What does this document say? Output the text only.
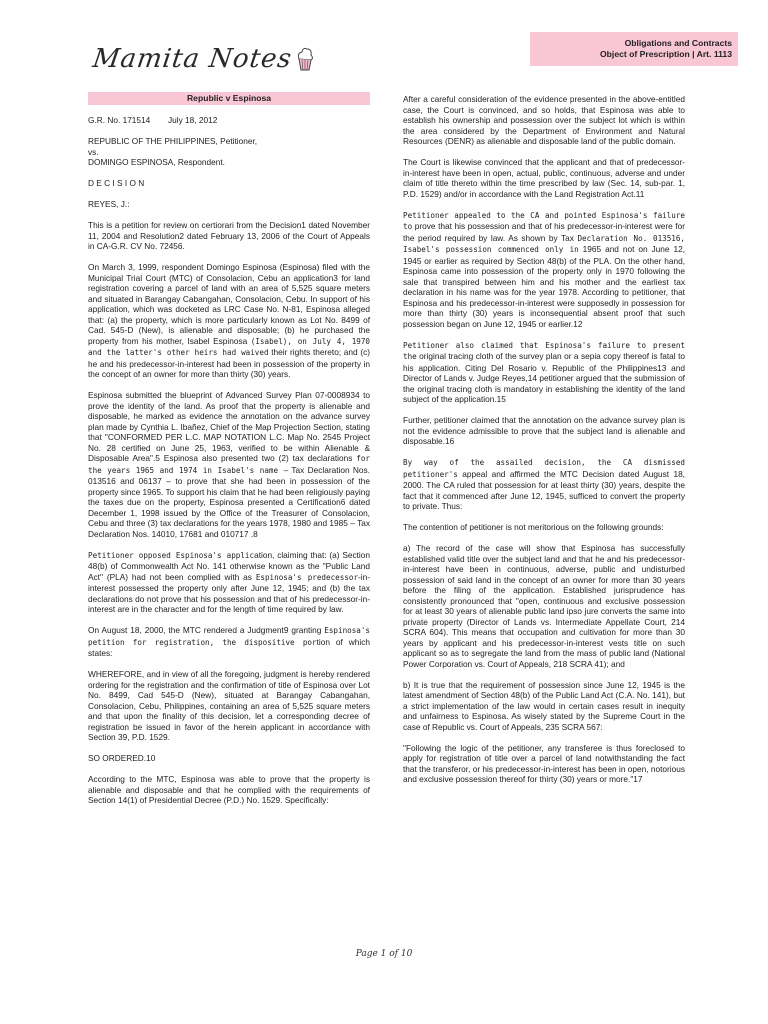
Mamita Notes
Obligations and Contracts
Object of Prescription | Art. 1113
Republic v Espinosa

G.R. No. 171514	July 18, 2012

REPUBLIC OF THE PHILIPPINES, Petitioner,
vs.
DOMINGO ESPINOSA, Respondent.

D E C I S I O N

REYES, J.:

This is a petition for review on certiorari from the Decision1 dated November 11, 2004 and Resolution2 dated February 13, 2006 of the Court of Appeals in CA-G.R. CV No. 72456.

On March 3, 1999, respondent Domingo Espinosa (Espinosa) filed with the Municipal Trial Court (MTC) of Consolacion, Cebu an application3 for land registration covering a parcel of land with an area of 5,525 square meters and situated in Barangay Cabangahan, Consolacion, Cebu. In support of his application, which was docketed as LRC Case No. N-81, Espinosa alleged that: (a) the property, which is more particularly known as Lot No. 8499 of Cad. 545-D (New), is alienable and disposable; (b) he purchased the property from his mother, Isabel Espinosa (Isabel), on July 4, 1970 and the latter's other heirs had waived their rights thereto; and (c) he and his predecessor-in-interest had been in possession of the property in the concept of an owner for more than thirty (30) years.

Espinosa submitted the blueprint of Advanced Survey Plan 07-0008934 to prove the identity of the land. As proof that the property is alienable and disposable, he marked as evidence the annotation on the advance survey plan made by Cynthia L. Ibañez, Chief of the Map Projection Section, stating that "CONFORMED PER L.C. MAP NOTATION L.C. Map No. 2545 Project No. 28 certified on June 25, 1963, verified to be within Alienable & Disposable Area".5 Espinosa also presented two (2) tax declarations for the years 1965 and 1974 in Isabel's name – Tax Declaration Nos. 013516 and 06137 – to prove that she had been in possession of the property since 1965. To support his claim that he had been religiously paying the taxes due on the property, Espinosa presented a Certification6 dated December 1, 1998 issued by the Office of the Treasurer of Consolacion, Cebu and three (3) tax declarations for the years 1978, 1980 and 1985 – Tax Declaration Nos. 14010, 17681 and 010717 .8

Petitioner opposed Espinosa's application, claiming that: (a) Section 48(b) of Commonwealth Act No. 141 otherwise known as the "Public Land Act" (PLA) had not been complied with as Espinosa's predecessor-in-interest possessed the property only after June 12, 1945; and (b) the tax declarations do not prove that his possession and that of his predecessor-in-interest are in the character and for the length of time required by law.

On August 18, 2000, the MTC rendered a Judgment9 granting Espinosa's petition for registration, the dispositive portion of which states:

WHEREFORE, and in view of all the foregoing, judgment is hereby rendered ordering for the registration and the confirmation of title of Espinosa over Lot No. 8499, Cad 545-D (New), situated at Barangay Cabangahan, Consolacion, Cebu, Philippines, containing an area of 5,525 square meters and that upon the finality of this decision, let a corresponding decree of registration be issued in favor of the herein applicant in accordance with Section 39, P.D. 1529.

SO ORDERED.10

According to the MTC, Espinosa was able to prove that the property is alienable and disposable and that he complied with the requirements of Section 14(1) of Presidential Decree (P.D.) No. 1529. Specifically:

After a careful consideration of the evidence presented in the above-entitled case, the Court is convinced, and so holds, that Espinosa was able to establish his ownership and possession over the subject lot which is within the area considered by the Department of Environment and Natural Resources (DENR) as alienable and disposable land of the public domain.

The Court is likewise convinced that the applicant and that of predecessor-in-interest have been in open, actual, public, continuous, adverse and under claim of title thereto within the time prescribed by law (Sec. 14, sub-par. 1, P.D. 1529) and/or in accordance with the Land Registration Act.11

Petitioner appealed to the CA and pointed Espinosa's failure to prove that his possession and that of his predecessor-in-interest were for the period required by law. As shown by Tax Declaration No. 013516, Isabel's possession commenced only in 1965 and not on June 12, 1945 or earlier as required by Section 48(b) of the PLA. On the other hand, Espinosa came into possession of the property only in 1970 following the sale that transpired between him and his mother and the earliest tax declaration in his name was for the year 1978. According to petitioner, that Espinosa and his predecessor-in-interest were supposedly in possession for more than thirty (30) years is inconsequential absent proof that such possession began on June 12, 1945 or earlier.12

Petitioner also claimed that Espinosa's failure to present the original tracing cloth of the survey plan or a sepia copy thereof is fatal to his application. Citing Del Rosario v. Republic of the Philippines13 and Director of Lands v. Judge Reyes,14 petitioner argued that the submission of the original tracing cloth is mandatory in establishing the identity of the land subject of the application.15

Further, petitioner claimed that the annotation on the advance survey plan is not the evidence admissible to prove that the subject land is alienable and disposable.16

By way of the assailed decision, the CA dismissed petitioner's appeal and affirmed the MTC Decision dated August 18, 2000. The CA ruled that possession for at least thirty (30) years, despite the fact that it commenced after June 12, 1945, sufficed to convert the property to private. Thus:

The contention of petitioner is not meritorious on the following grounds:

a) The record of the case will show that Espinosa has successfully established valid title over the subject land and that he and his predecessor-in-interest have been in continuous, adverse, public and undisturbed possession of said land in the concept of an owner for more than 30 years before the filing of the application. Established jurisprudence has consistently pronounced that "open, continuous and exclusive possession for at least 30 years of alienable public land ipso jure converts the same into private property (Director of Lands vs. Intermediate Appellate Court, 214 SCRA 604). This means that occupation and cultivation for more than 30 years by applicant and his predecessor-in-interest vests title on such applicant so as to segregate the land from the mass of public land (National Power Corporation vs. Court of Appeals, 218 SCRA 41); and

b) It is true that the requirement of possession since June 12, 1945 is the latest amendment of Section 48(b) of the Public Land Act (C.A. No. 141), but a strict implementation of the law would in certain cases result in inequity and unfairness to Espinosa. As wisely stated by the Supreme Court in the case of Republic vs. Court of Appeals, 235 SCRA 567:

"Following the logic of the petitioner, any transferee is thus foreclosed to apply for registration of title over a parcel of land notwithstanding the fact that the transferor, or his predecessor-in-interest has been in open, notorious and exclusive possession thereof for thirty (30) years or more."17

Page 1 of 10
